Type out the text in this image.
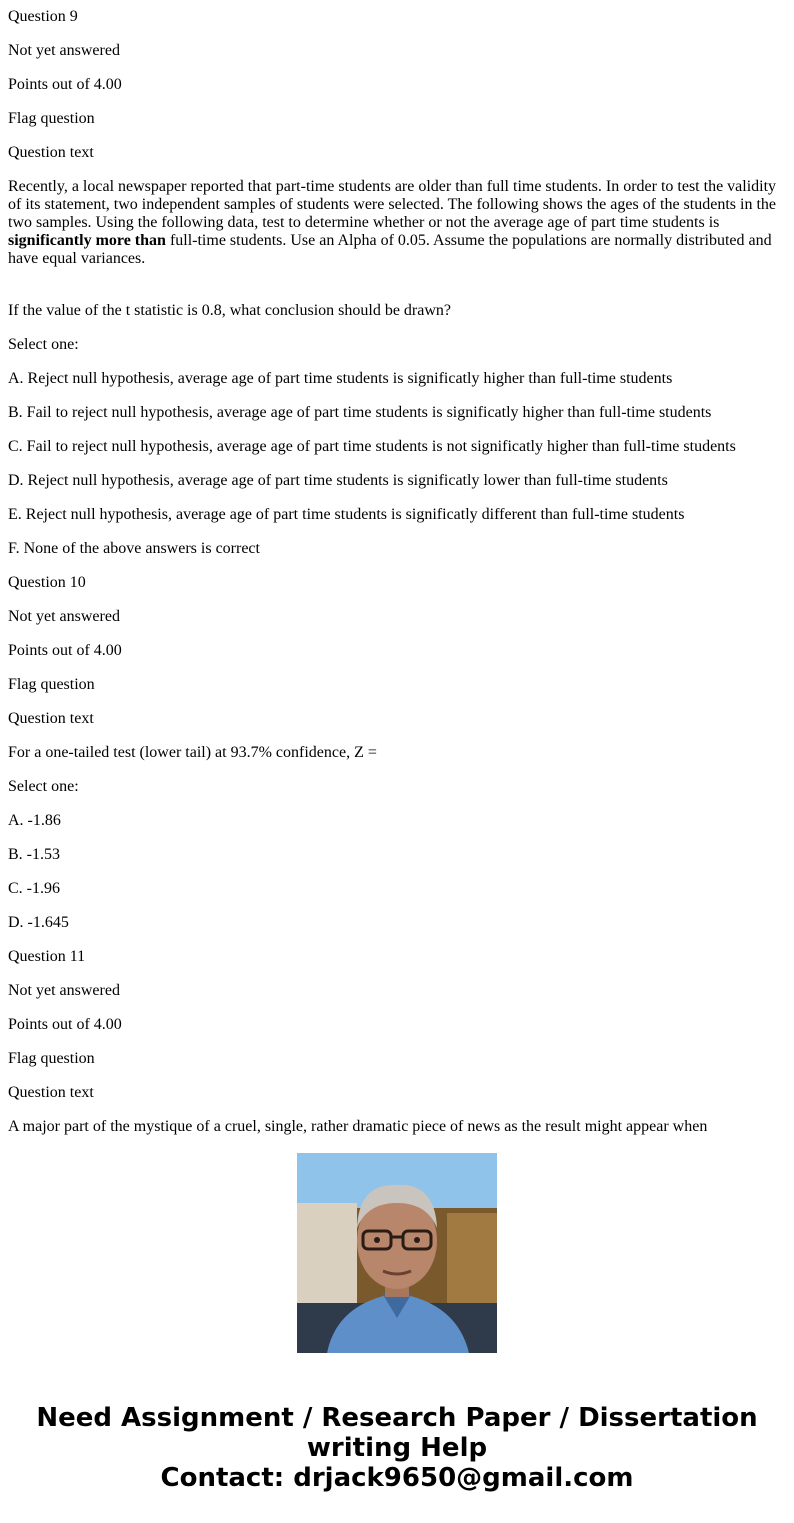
Question 9

Not yet answered

Points out of 4.00

Flag question

Question text

Recently, a local newspaper reported that part-time students are older than full time students. In order to test the validity of its statement, two independent samples of students were selected. The following shows the ages of the students in the two samples. Using the following data, test to determine whether or not the average age of part time students is significantly more than full-time students. Use an Alpha of 0.05. Assume the populations are normally distributed and have equal variances.

If the value of the t statistic is 0.8, what conclusion should be drawn?

Select one:

A. Reject null hypothesis, average age of part time students is significatly higher than full-time students

B. Fail to reject null hypothesis, average age of part time students is significatly higher than full-time students

C. Fail to reject null hypothesis, average age of part time students is not significatly higher than full-time students

D. Reject null hypothesis, average age of part time students is significatly lower than full-time students

E. Reject null hypothesis, average age of part time students is significatly different than full-time students

F. None of the above answers is correct

Question 10

Not yet answered

Points out of 4.00

Flag question

Question text

For a one-tailed test (lower tail) at 93.7% confidence, Z =

Select one:

A. -1.86

B. -1.53

C. -1.96

D. -1.645

Question 11

Not yet answered

Points out of 4.00

Flag question

Question text

A major part of the mystique of a cruel, single, rather dramatic piece of news as the result might appear when

Need Assignment / Research Paper / Dissertation
writing Help
Contact: drjack9650@gmail.com
